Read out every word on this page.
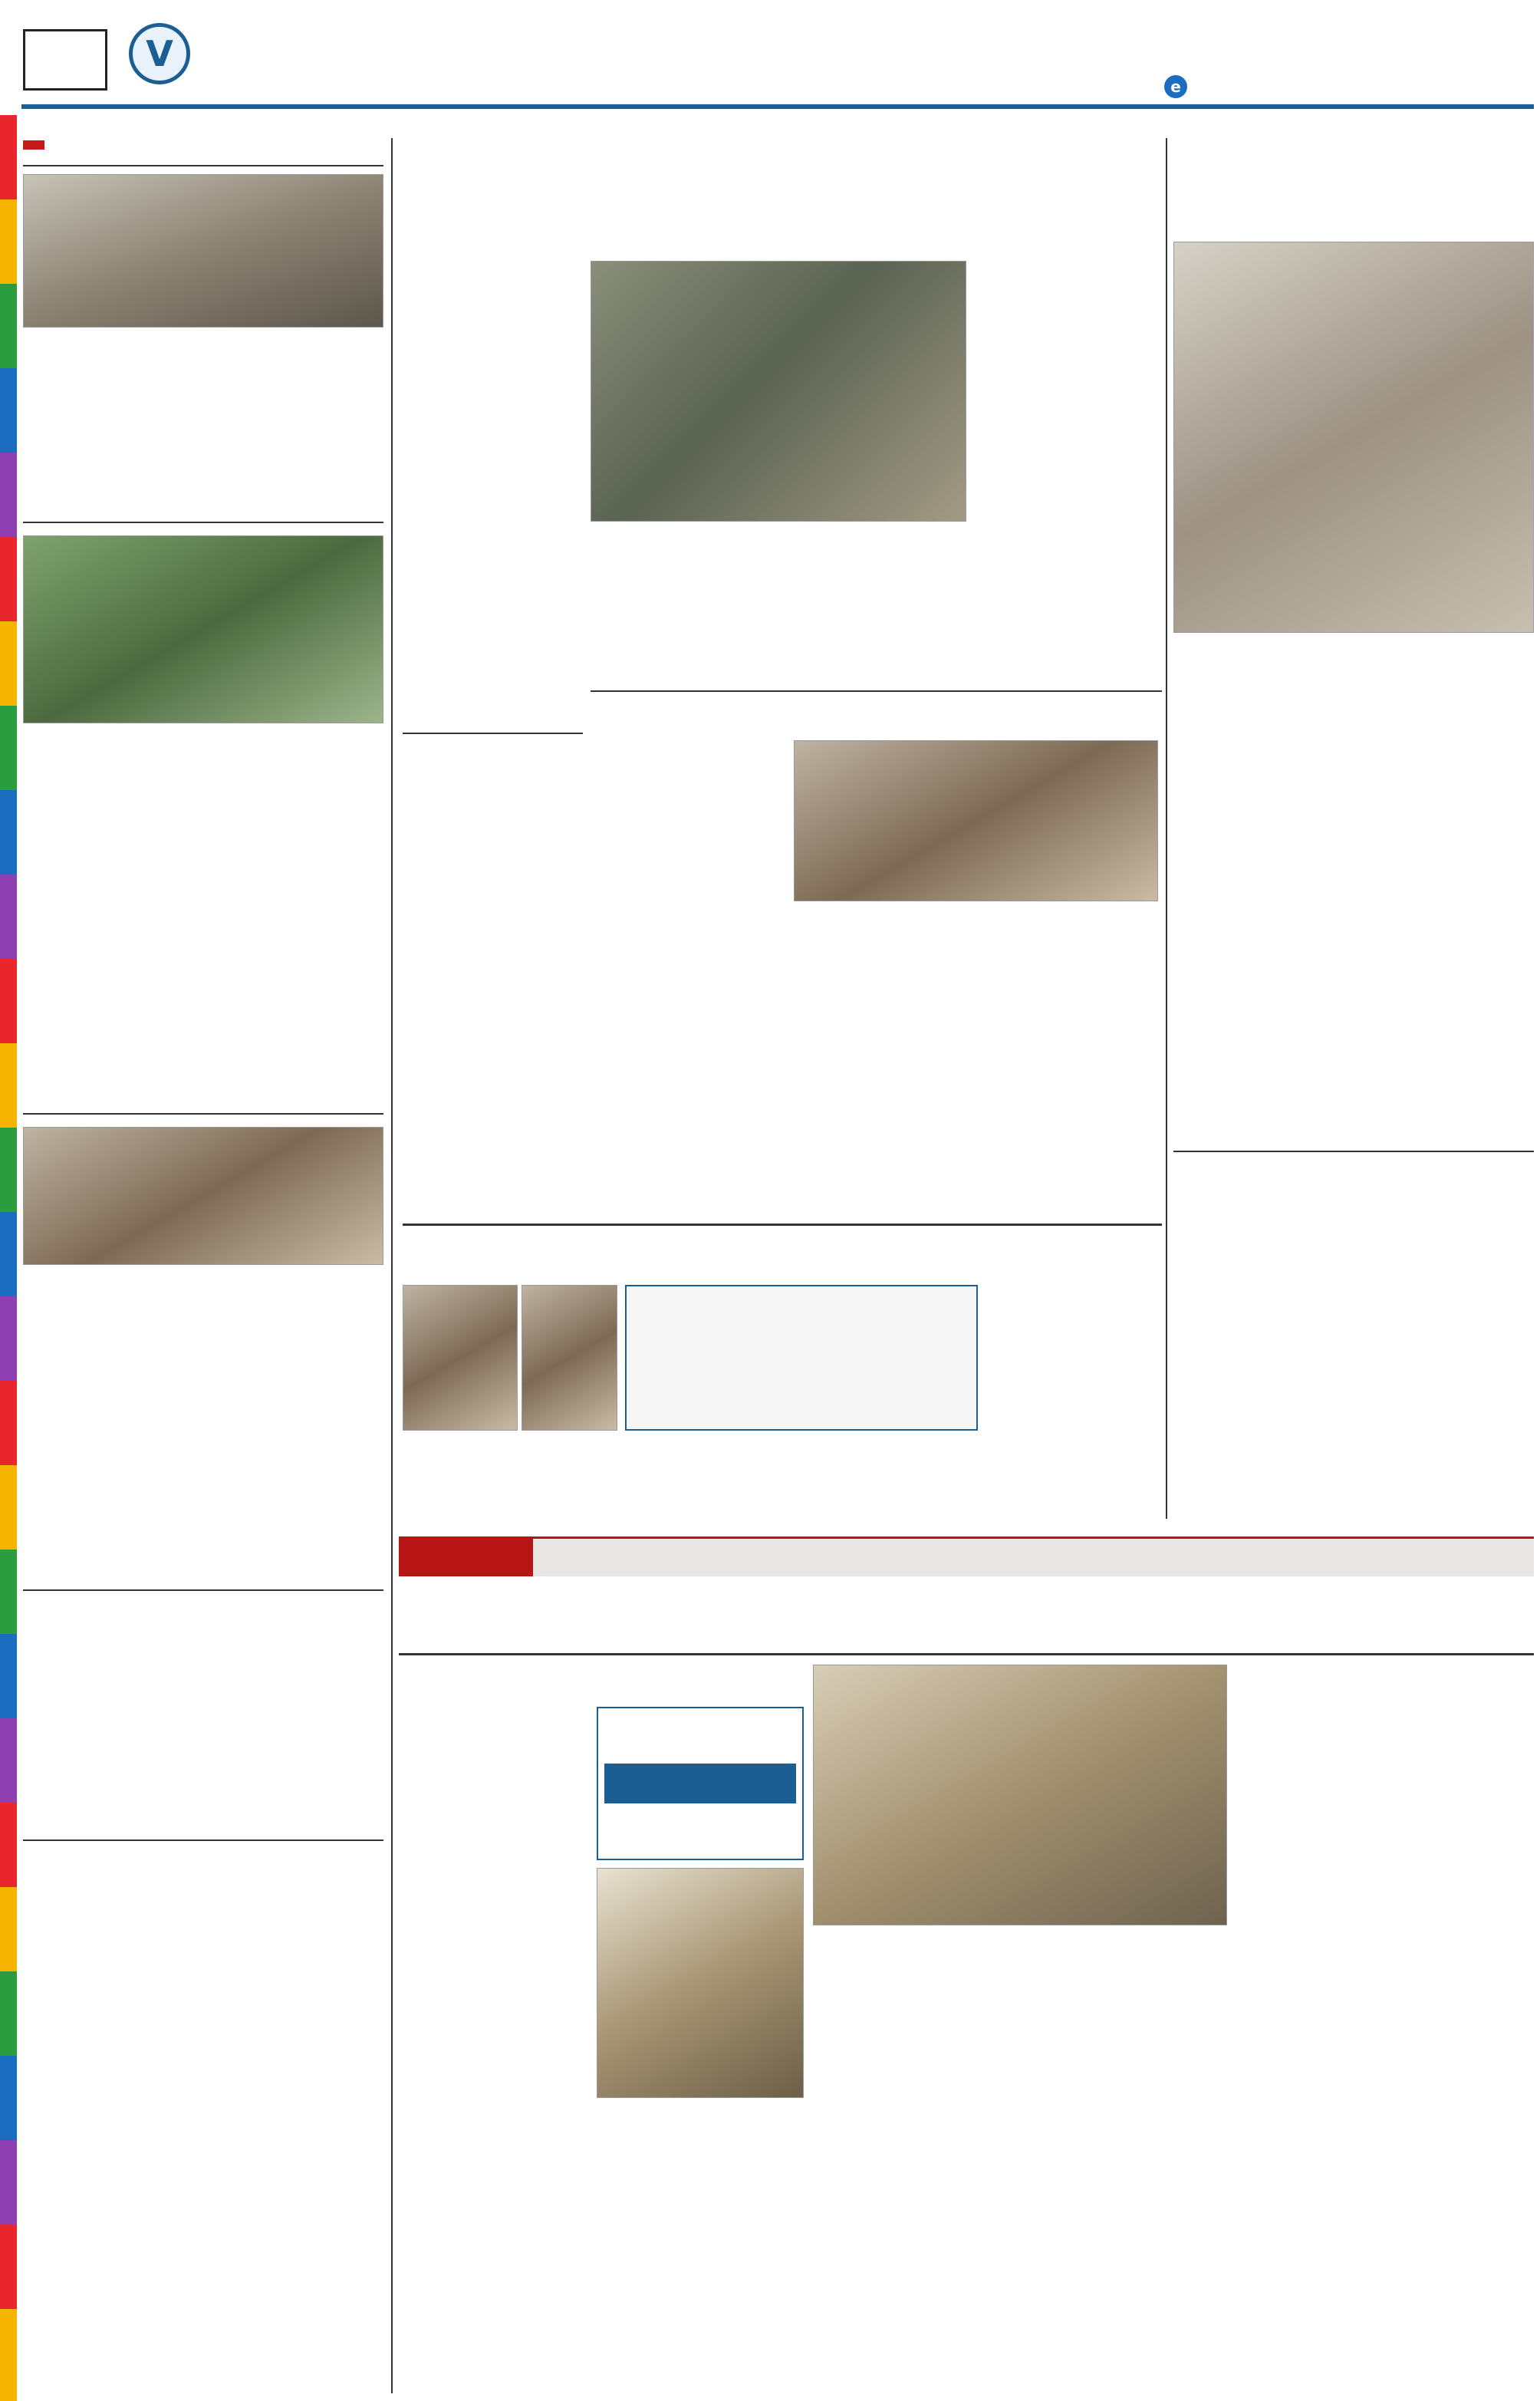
V
e
